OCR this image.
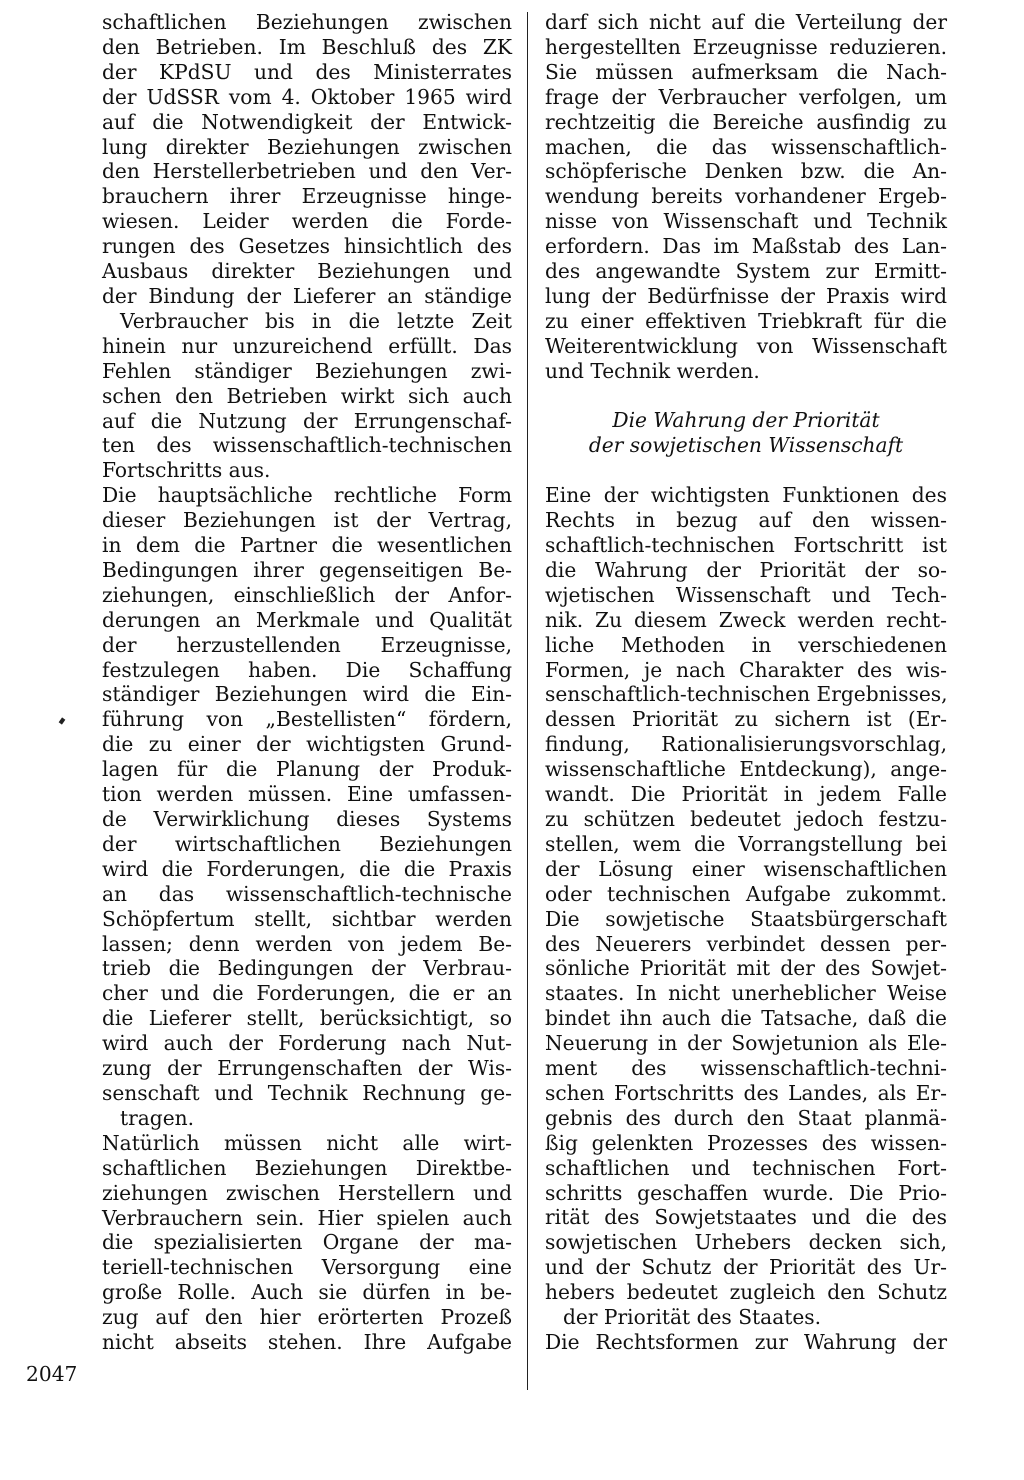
schaftlichen Beziehungen zwischen
den Betrieben. Im Beschluß des ZK
der KPdSU und des Ministerrates
der UdSSR vom 4. Oktober 1965 wird
auf die Notwendigkeit der Entwick-
lung direkter Beziehungen zwischen
den Herstellerbetrieben und den Ver-
brauchern ihrer Erzeugnisse hinge-
wiesen. Leider werden die Forde-
rungen des Gesetzes hinsichtlich des
Ausbaus direkter Beziehungen und
der Bindung der Lieferer an ständige
Verbraucher bis in die letzte Zeit
hinein nur unzureichend erfüllt. Das
Fehlen ständiger Beziehungen zwi-
schen den Betrieben wirkt sich auch
auf die Nutzung der Errungenschaf-
ten des wissenschaftlich-technischen
Fortschritts aus.
Die hauptsächliche rechtliche Form
dieser Beziehungen ist der Vertrag,
in dem die Partner die wesentlichen
Bedingungen ihrer gegenseitigen Be-
ziehungen, einschließlich der Anfor-
derungen an Merkmale und Qualität
der herzustellenden Erzeugnisse,
festzulegen haben. Die Schaffung
ständiger Beziehungen wird die Ein-
führung von „Bestellisten“ fördern,
die zu einer der wichtigsten Grund-
lagen für die Planung der Produk-
tion werden müssen. Eine umfassen-
de Verwirklichung dieses Systems
der wirtschaftlichen Beziehungen
wird die Forderungen, die die Praxis
an das wissenschaftlich-technische
Schöpfertum stellt, sichtbar werden
lassen; denn werden von jedem Be-
trieb die Bedingungen der Verbrau-
cher und die Forderungen, die er an
die Lieferer stellt, berücksichtigt, so
wird auch der Forderung nach Nut-
zung der Errungenschaften der Wis-
senschaft und Technik Rechnung ge-
tragen.
Natürlich müssen nicht alle wirt-
schaftlichen Beziehungen Direktbe-
ziehungen zwischen Herstellern und
Verbrauchern sein. Hier spielen auch
die spezialisierten Organe der ma-
teriell-technischen Versorgung eine
große Rolle. Auch sie dürfen in be-
zug auf den hier erörterten Prozeß
nicht abseits stehen. Ihre Aufgabe
darf sich nicht auf die Verteilung der
hergestellten Erzeugnisse reduzieren.
Sie müssen aufmerksam die Nach-
frage der Verbraucher verfolgen, um
rechtzeitig die Bereiche ausfindig zu
machen, die das wissenschaftlich-
schöpferische Denken bzw. die An-
wendung bereits vorhandener Ergeb-
nisse von Wissenschaft und Technik
erfordern. Das im Maßstab des Lan-
des angewandte System zur Ermitt-
lung der Bedürfnisse der Praxis wird
zu einer effektiven Triebkraft für die
Weiterentwicklung von Wissenschaft
und Technik werden.
Die Wahrung der Priorität
der sowjetischen Wissenschaft
Eine der wichtigsten Funktionen des
Rechts in bezug auf den wissen-
schaftlich-technischen Fortschritt ist
die Wahrung der Priorität der so-
wjetischen Wissenschaft und Tech-
nik. Zu diesem Zweck werden recht-
liche Methoden in verschiedenen
Formen, je nach Charakter des wis-
senschaftlich-technischen Ergebnisses,
dessen Priorität zu sichern ist (Er-
findung, Rationalisierungsvorschlag,
wissenschaftliche Entdeckung), ange-
wandt. Die Priorität in jedem Falle
zu schützen bedeutet jedoch festzu-
stellen, wem die Vorrangstellung bei
der Lösung einer wisenschaftlichen
oder technischen Aufgabe zukommt.
Die sowjetische Staatsbürgerschaft
des Neuerers verbindet dessen per-
sönliche Priorität mit der des Sowjet-
staates. In nicht unerheblicher Weise
bindet ihn auch die Tatsache, daß die
Neuerung in der Sowjetunion als Ele-
ment des wissenschaftlich-techni-
schen Fortschritts des Landes, als Er-
gebnis des durch den Staat planmä-
ßig gelenkten Prozesses des wissen-
schaftlichen und technischen Fort-
schritts geschaffen wurde. Die Prio-
rität des Sowjetstaates und die des
sowjetischen Urhebers decken sich,
und der Schutz der Priorität des Ur-
hebers bedeutet zugleich den Schutz
der Priorität des Staates.
Die Rechtsformen zur Wahrung der
2047
